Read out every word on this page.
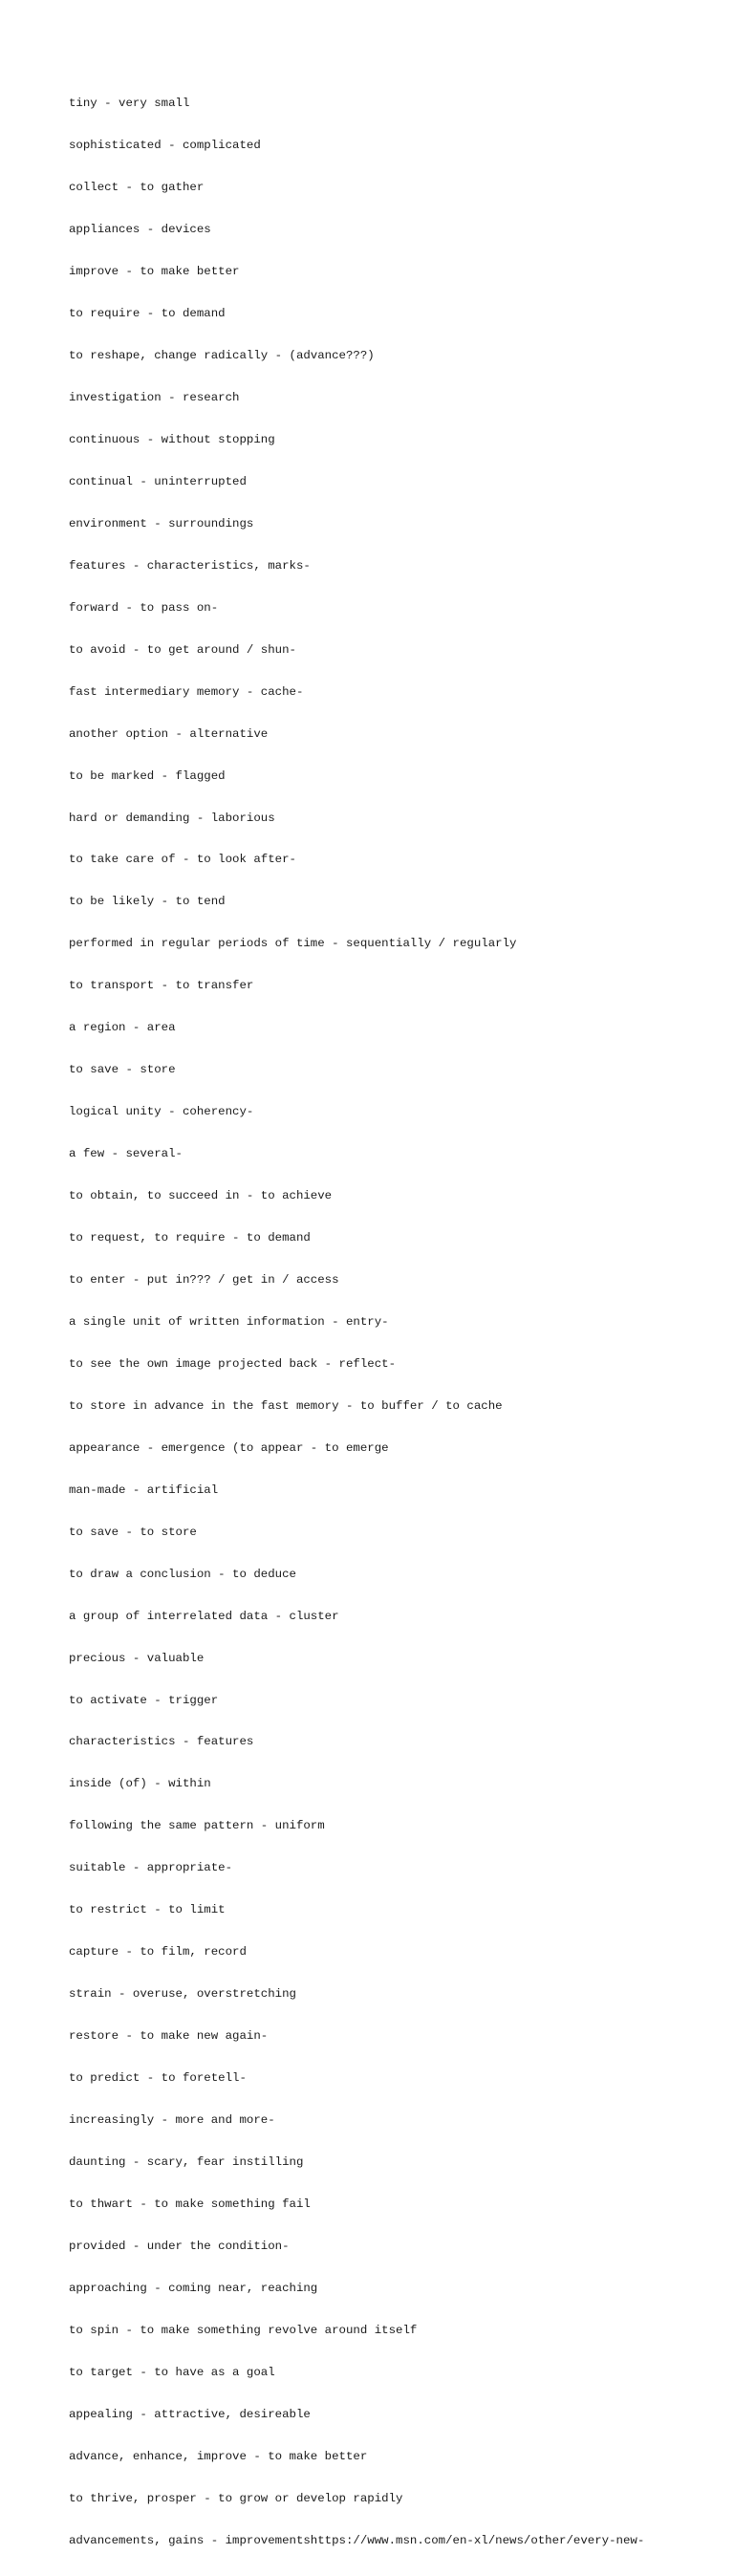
tiny - very small

sophisticated - complicated

collect - to gather

appliances - devices

improve - to make better

to require - to demand

to reshape, change radically - (advance???)

investigation - research

continuous - without stopping

continual - uninterrupted

environment - surroundings

features - characteristics, marks-

forward - to pass on-

to avoid - to get around / shun-

fast intermediary memory - cache-

another option - alternative

to be marked - flagged

hard or demanding - laborious

to take care of - to look after-

to be likely - to tend

performed in regular periods of time - sequentially / regularly

to transport - to transfer

a region - area

to save - store

logical unity - coherency-

a few - several-

to obtain, to succeed in - to achieve

to request, to require - to demand

to enter - put in??? / get in / access

a single unit of written information - entry-

to see the own image projected back - reflect-

to store in advance in the fast memory - to buffer / to cache

appearance - emergence (to appear - to emerge

man-made - artificial

to save - to store

to draw a conclusion - to deduce

a group of interrelated data - cluster

precious - valuable

to activate - trigger

characteristics - features

inside (of) - within

following the same pattern - uniform

suitable - appropriate-

to restrict - to limit

capture - to film, record

strain - overuse, overstretching

restore - to make new again-

to predict - to foretell-

increasingly - more and more-

daunting - scary, fear instilling

to thwart - to make something fail

provided - under the condition-

approaching - coming near, reaching

to spin - to make something revolve around itself

to target - to have as a goal

appealing - attractive, desireable

advance, enhance, improve - to make better

to thrive, prosper - to grow or develop rapidly

advancements, gains - improvementshttps://www.msn.com/en-xl/news/other/every-new-
